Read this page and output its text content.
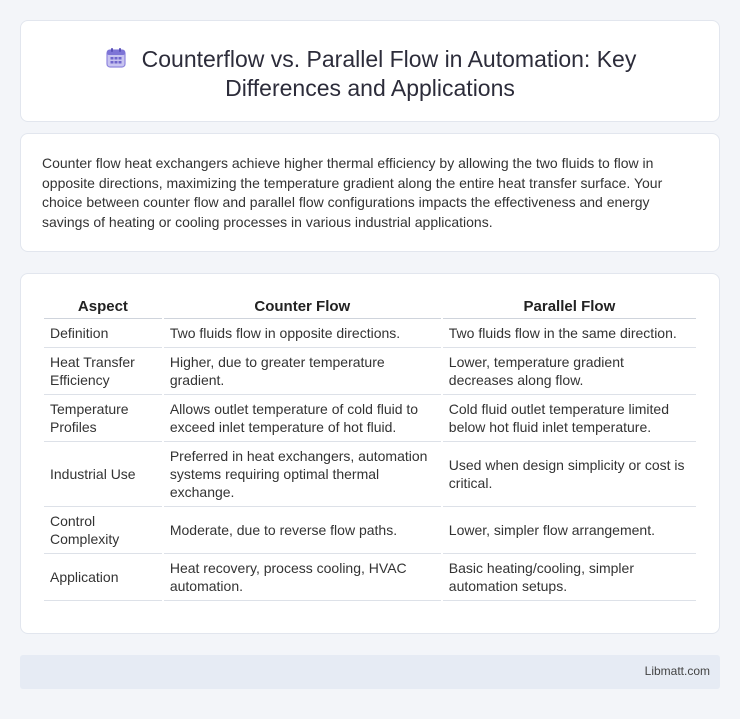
Counterflow vs. Parallel Flow in Automation: Key Differences and Applications

Counter flow heat exchangers achieve higher thermal efficiency by allowing the two fluids to flow in opposite directions, maximizing the temperature gradient along the entire heat transfer surface. Your choice between counter flow and parallel flow configurations impacts the effectiveness and energy savings of heating or cooling processes in various industrial applications.

Aspect	Counter Flow	Parallel Flow
Definition	Two fluids flow in opposite directions.	Two fluids flow in the same direction.
Heat Transfer Efficiency	Higher, due to greater temperature gradient.	Lower, temperature gradient decreases along flow.
Temperature Profiles	Allows outlet temperature of cold fluid to exceed inlet temperature of hot fluid.	Cold fluid outlet temperature limited below hot fluid inlet temperature.
Industrial Use	Preferred in heat exchangers, automation systems requiring optimal thermal exchange.	Used when design simplicity or cost is critical.
Control Complexity	Moderate, due to reverse flow paths.	Lower, simpler flow arrangement.
Application	Heat recovery, process cooling, HVAC automation.	Basic heating/cooling, simpler automation setups.
Libmatt.com
